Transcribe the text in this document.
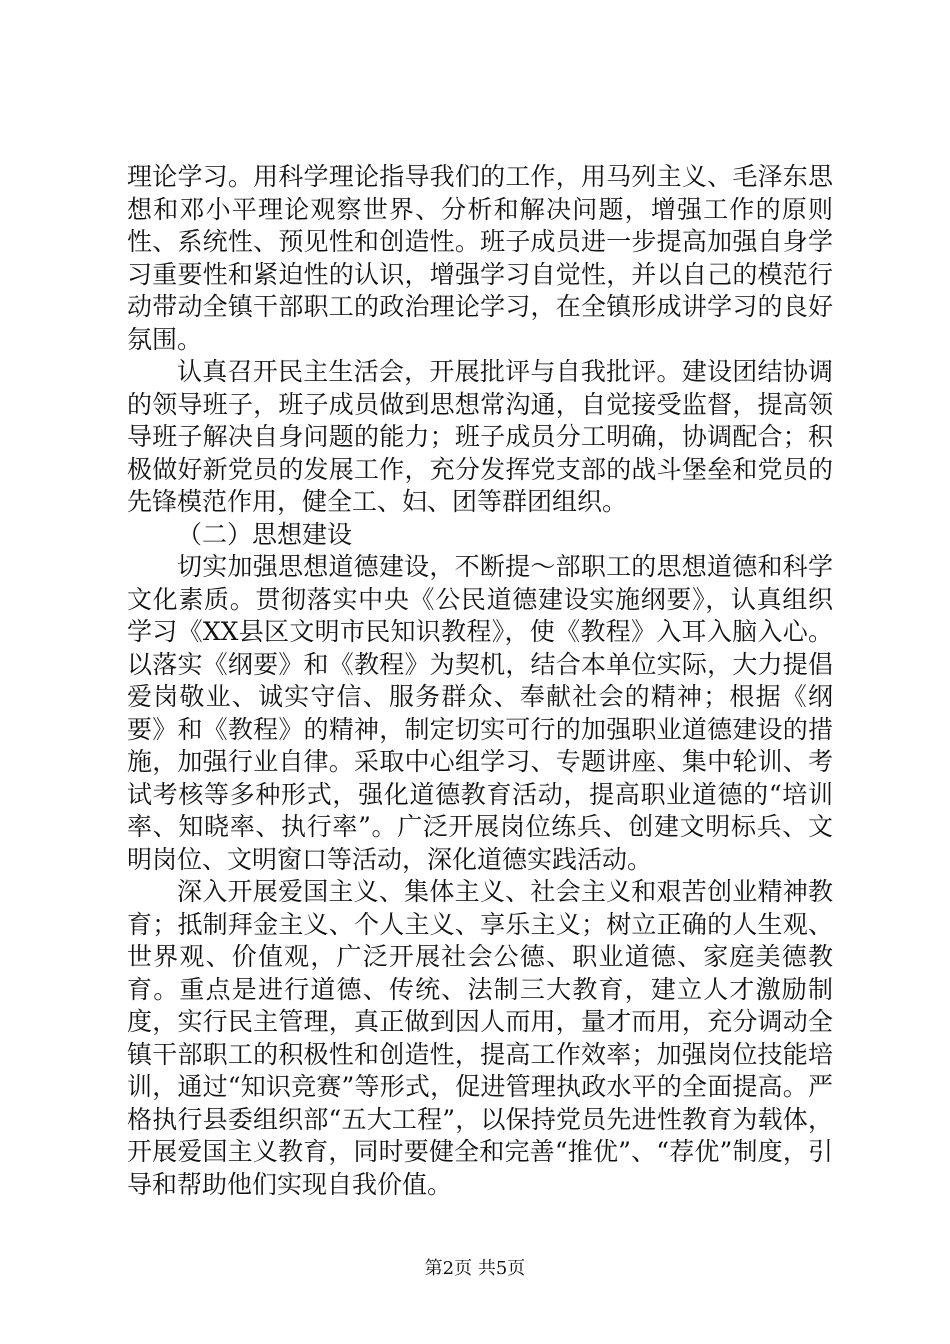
理论学习。用科学理论指导我们的工作，用马列主义、毛泽东思想和邓小平理论观察世界、分析和解决问题，增强工作的原则性、系统性、预见性和创造性。班子成员进一步提高加强自身学习重要性和紧迫性的认识，增强学习自觉性，并以自己的模范行动带动全镇干部职工的政治理论学习，在全镇形成讲学习的良好氛围。

认真召开民主生活会，开展批评与自我批评。建设团结协调的领导班子，班子成员做到思想常沟通，自觉接受监督，提高领导班子解决自身问题的能力；班子成员分工明确，协调配合；积极做好新党员的发展工作，充分发挥党支部的战斗堡垒和党员的先锋模范作用，健全工、妇、团等群团组织。

（二）思想建设

切实加强思想道德建设，不断提～部职工的思想道德和科学文化素质。贯彻落实中央《公民道德建设实施纲要》，认真组织学习《XX县区文明市民知识教程》，使《教程》入耳入脑入心。以落实《纲要》和《教程》为契机，结合本单位实际，大力提倡爱岗敬业、诚实守信、服务群众、奉献社会的精神；根据《纲要》和《教程》的精神，制定切实可行的加强职业道德建设的措施，加强行业自律。采取中心组学习、专题讲座、集中轮训、考试考核等多种形式，强化道德教育活动，提高职业道德的“培训率、知晓率、执行率”。广泛开展岗位练兵、创建文明标兵、文明岗位、文明窗口等活动，深化道德实践活动。

深入开展爱国主义、集体主义、社会主义和艰苦创业精神教育；抵制拜金主义、个人主义、享乐主义；树立正确的人生观、世界观、价值观，广泛开展社会公德、职业道德、家庭美德教育。重点是进行道德、传统、法制三大教育，建立人才激励制度，实行民主管理，真正做到因人而用，量才而用，充分调动全镇干部职工的积极性和创造性，提高工作效率；加强岗位技能培训，通过“知识竞赛”等形式，促进管理执政水平的全面提高。严格执行县委组织部“五大工程”，以保持党员先进性教育为载体，开展爱国主义教育，同时要健全和完善“推优”、“荐优”制度，引导和帮助他们实现自我价值。

第2页 共5页
